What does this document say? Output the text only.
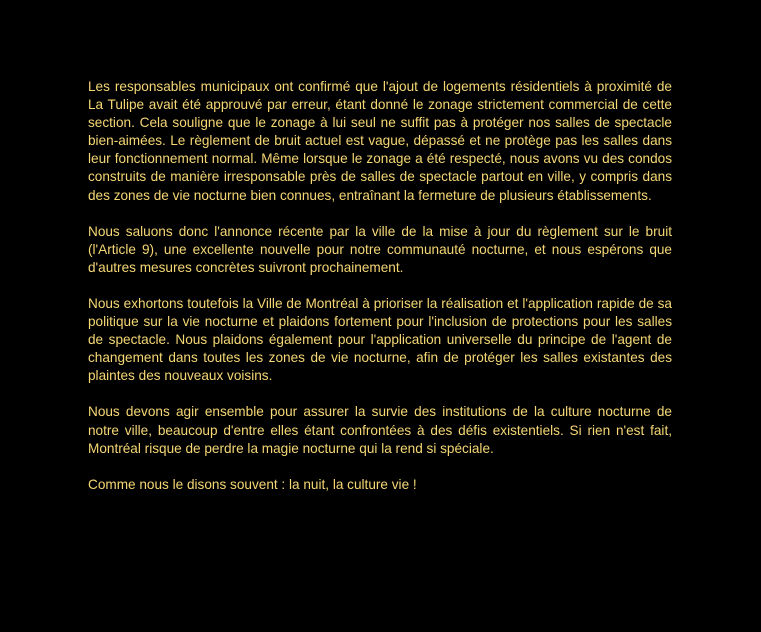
Les responsables municipaux ont confirmé que l'ajout de logements résidentiels à proximité de La Tulipe avait été approuvé par erreur, étant donné le zonage strictement commercial de cette section. Cela souligne que le zonage à lui seul ne suffit pas à protéger nos salles de spectacle bien-aimées. Le règlement de bruit actuel est vague, dépassé et ne protège pas les salles dans leur fonctionnement normal. Même lorsque le zonage a été respecté, nous avons vu des condos construits de manière irresponsable près de salles de spectacle partout en ville, y compris dans des zones de vie nocturne bien connues, entraînant la fermeture de plusieurs établissements.

Nous saluons donc l'annonce récente par la ville de la mise à jour du règlement sur le bruit (l'Article 9), une excellente nouvelle pour notre communauté nocturne, et nous espérons que d'autres mesures concrètes suivront prochainement.

Nous exhortons toutefois la Ville de Montréal à prioriser la réalisation et l'application rapide de sa politique sur la vie nocturne et plaidons fortement pour l'inclusion de protections pour les salles de spectacle. Nous plaidons également pour l'application universelle du principe de l'agent de changement dans toutes les zones de vie nocturne, afin de protéger les salles existantes des plaintes des nouveaux voisins.

Nous devons agir ensemble pour assurer la survie des institutions de la culture nocturne de notre ville, beaucoup d'entre elles étant confrontées à des défis existentiels. Si rien n'est fait, Montréal risque de perdre la magie nocturne qui la rend si spéciale.

Comme nous le disons souvent : la nuit, la culture vie !
